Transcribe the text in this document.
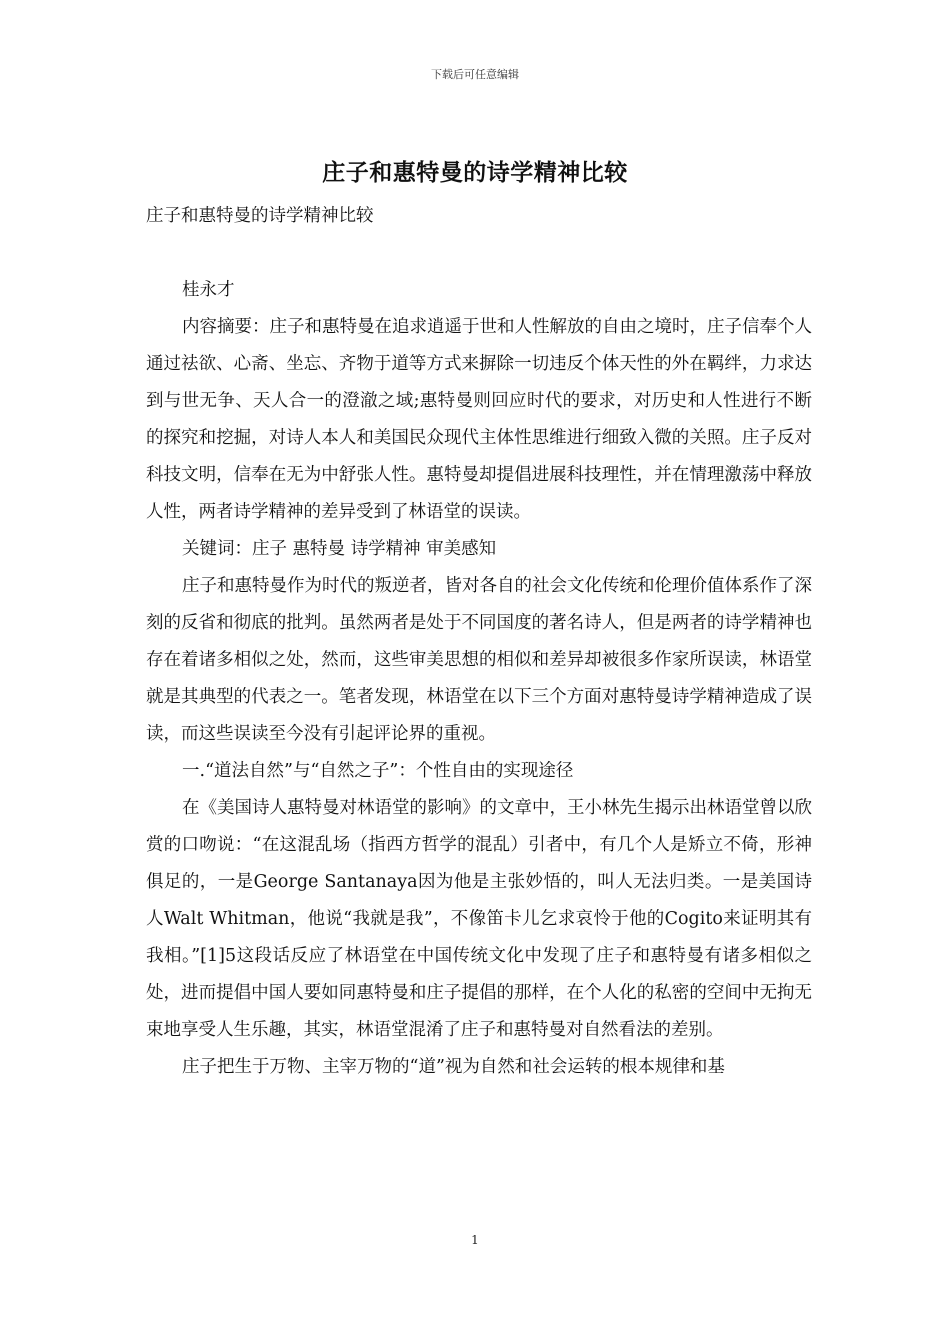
下载后可任意编辑
庄子和惠特曼的诗学精神比较

庄子和惠特曼的诗学精神比较

桂永才

内容摘要：庄子和惠特曼在追求逍遥于世和人性解放的自由之境时，庄子信奉个人通过祛欲、心斋、坐忘、齐物于道等方式来摒除一切违反个体天性的外在羁绊，力求达到与世无争、天人合一的澄澈之域;惠特曼则回应时代的要求，对历史和人性进行不断的探究和挖掘，对诗人本人和美国民众现代主体性思维进行细致入微的关照。庄子反对科技文明，信奉在无为中舒张人性。惠特曼却提倡进展科技理性，并在情理激荡中释放人性，两者诗学精神的差异受到了林语堂的误读。

关键词：庄子 惠特曼 诗学精神 审美感知

庄子和惠特曼作为时代的叛逆者，皆对各自的社会文化传统和伦理价值体系作了深刻的反省和彻底的批判。虽然两者是处于不同国度的著名诗人，但是两者的诗学精神也存在着诸多相似之处，然而，这些审美思想的相似和差异却被很多作家所误读，林语堂就是其典型的代表之一。笔者发现，林语堂在以下三个方面对惠特曼诗学精神造成了误读，而这些误读至今没有引起评论界的重视。

一.“道法自然”与“自然之子”：个性自由的实现途径

在《美国诗人惠特曼对林语堂的影响》的文章中，王小林先生揭示出林语堂曾以欣赏的口吻说：“在这混乱场（指西方哲学的混乱）引者中，有几个人是矫立不倚，形神俱足的，一是George Santanaya因为他是主张妙悟的，叫人无法归类。一是美国诗人Walt Whitman，他说“我就是我”，不像笛卡儿乞求哀怜于他的Cogito来证明其有我相。”[1]5这段话反应了林语堂在中国传统文化中发现了庄子和惠特曼有诸多相似之处，进而提倡中国人要如同惠特曼和庄子提倡的那样，在个人化的私密的空间中无拘无束地享受人生乐趣，其实，林语堂混淆了庄子和惠特曼对自然看法的差别。

庄子把生于万物、主宰万物的“道”视为自然和社会运转的根本规律和基

1
